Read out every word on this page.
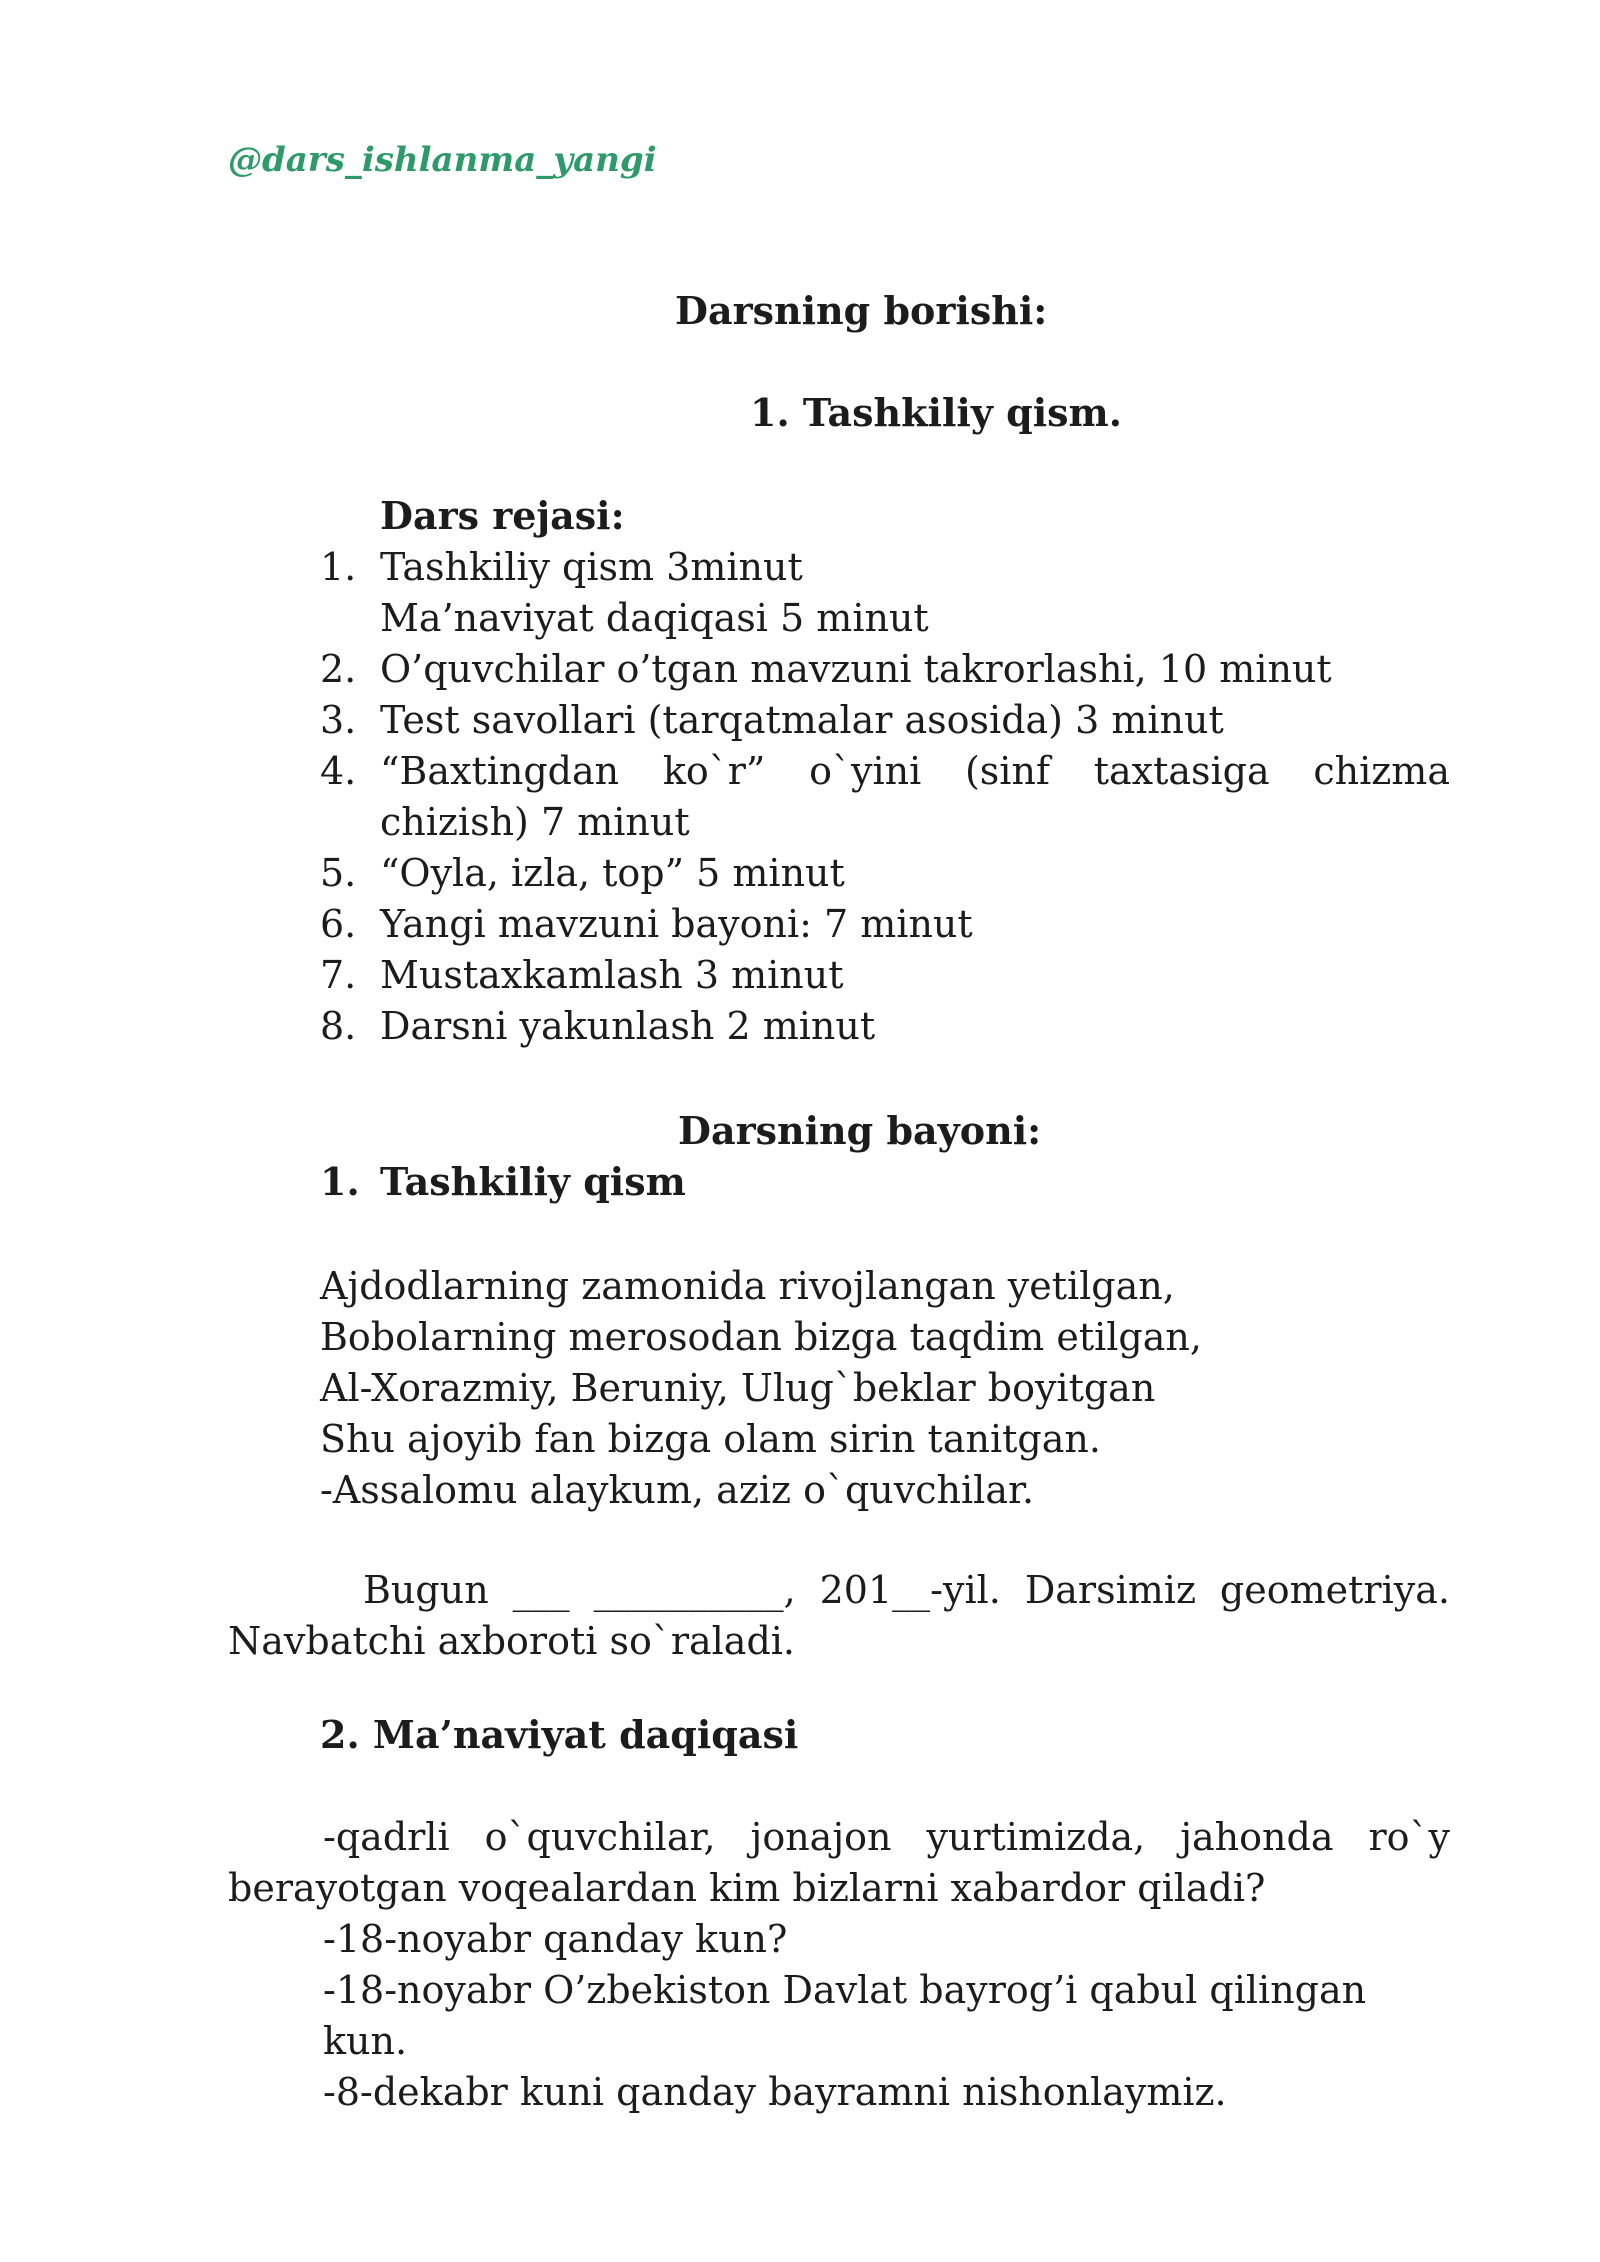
@dars_ishlanma_yangi
Darsning borishi:
1. Tashkiliy qism.
Dars rejasi:
1. Tashkiliy qism 3minut
Ma’naviyat daqiqasi 5 minut
2. O’quvchilar o’tgan mavzuni takrorlashi, 10 minut
3. Test savollari (tarqatmalar asosida) 3 minut
4. “Baxtingdan ko`r” o`yini (sinf taxtasiga chizma chizish) 7 minut
5. “Oyla, izla, top” 5 minut
6. Yangi mavzuni bayoni: 7 minut
7. Mustaxkamlash 3 minut
8. Darsni yakunlash 2 minut
Darsning bayoni:
1. Tashkiliy qism
Ajdodlarning zamonida rivojlangan yetilgan,
Bobolarning merosodan bizga taqdim etilgan,
Al-Xorazmiy, Beruniy, Ulug`beklar boyitgan
Shu ajoyib fan bizga olam sirin tanitgan.
-Assalomu alaykum, aziz o`quvchilar.
Bugun ___ __________, 201__-yil. Darsimiz geometriya.
Navbatchi axboroti so`raladi.
2. Ma’naviyat daqiqasi
-qadrli o`quvchilar, jonajon yurtimizda, jahonda ro`y
berayotgan voqealardan kim bizlarni xabardor qiladi?
-18-noyabr qanday kun?
-18-noyabr O’zbekiston Davlat bayrog’i qabul qilingan kun.
-8-dekabr kuni qanday bayramni nishonlaymiz.
